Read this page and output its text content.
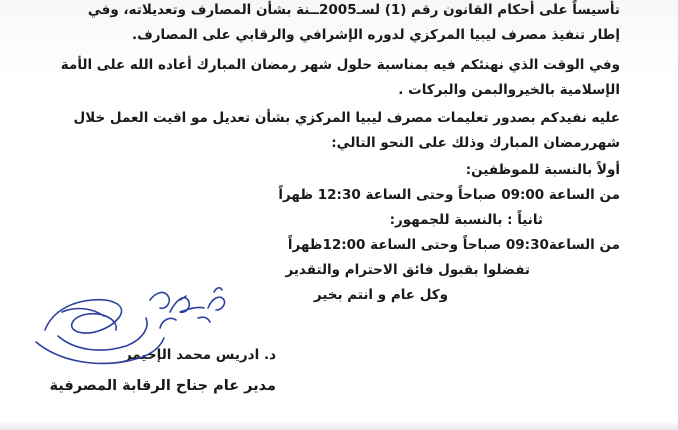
تأسيساً على أحكام القانون رقم (1) لسـ2005ــنة بشأن المصارف وتعديلاته، وفي
إطار تنفيذ مصرف ليبيا المركزي لدوره الإشرافي والرقابي على المصارف.
وفي الوقت الذي نهنئكم فيه بمناسبة حلول شهر رمضان المبارك أعاده الله على الأمة
الإسلامية بالخيروالبمن والبركات .
عليه نفيدكم بصدور تعليمات مصرف ليبيا المركزي بشأن تعديل مو اقيت العمل خلال
شهررمضان المبارك وذلك على النحو التالي:
أولاً بالنسبة للموظفين:
من الساعة 09:00 صباحاً وحتى الساعة 12:30 ظهراً
ثانياً : بالنسبة للجمهور:
من الساعة09:30 صباحاً وحتى الساعة 12:00ظهراً
تفضلوا بقبول فائق الاحترام والتقدير
وكل عام و انتم بخير
د. ادريس محمد الإحيمر
مدير عام جناح الرقابة المصرفية
